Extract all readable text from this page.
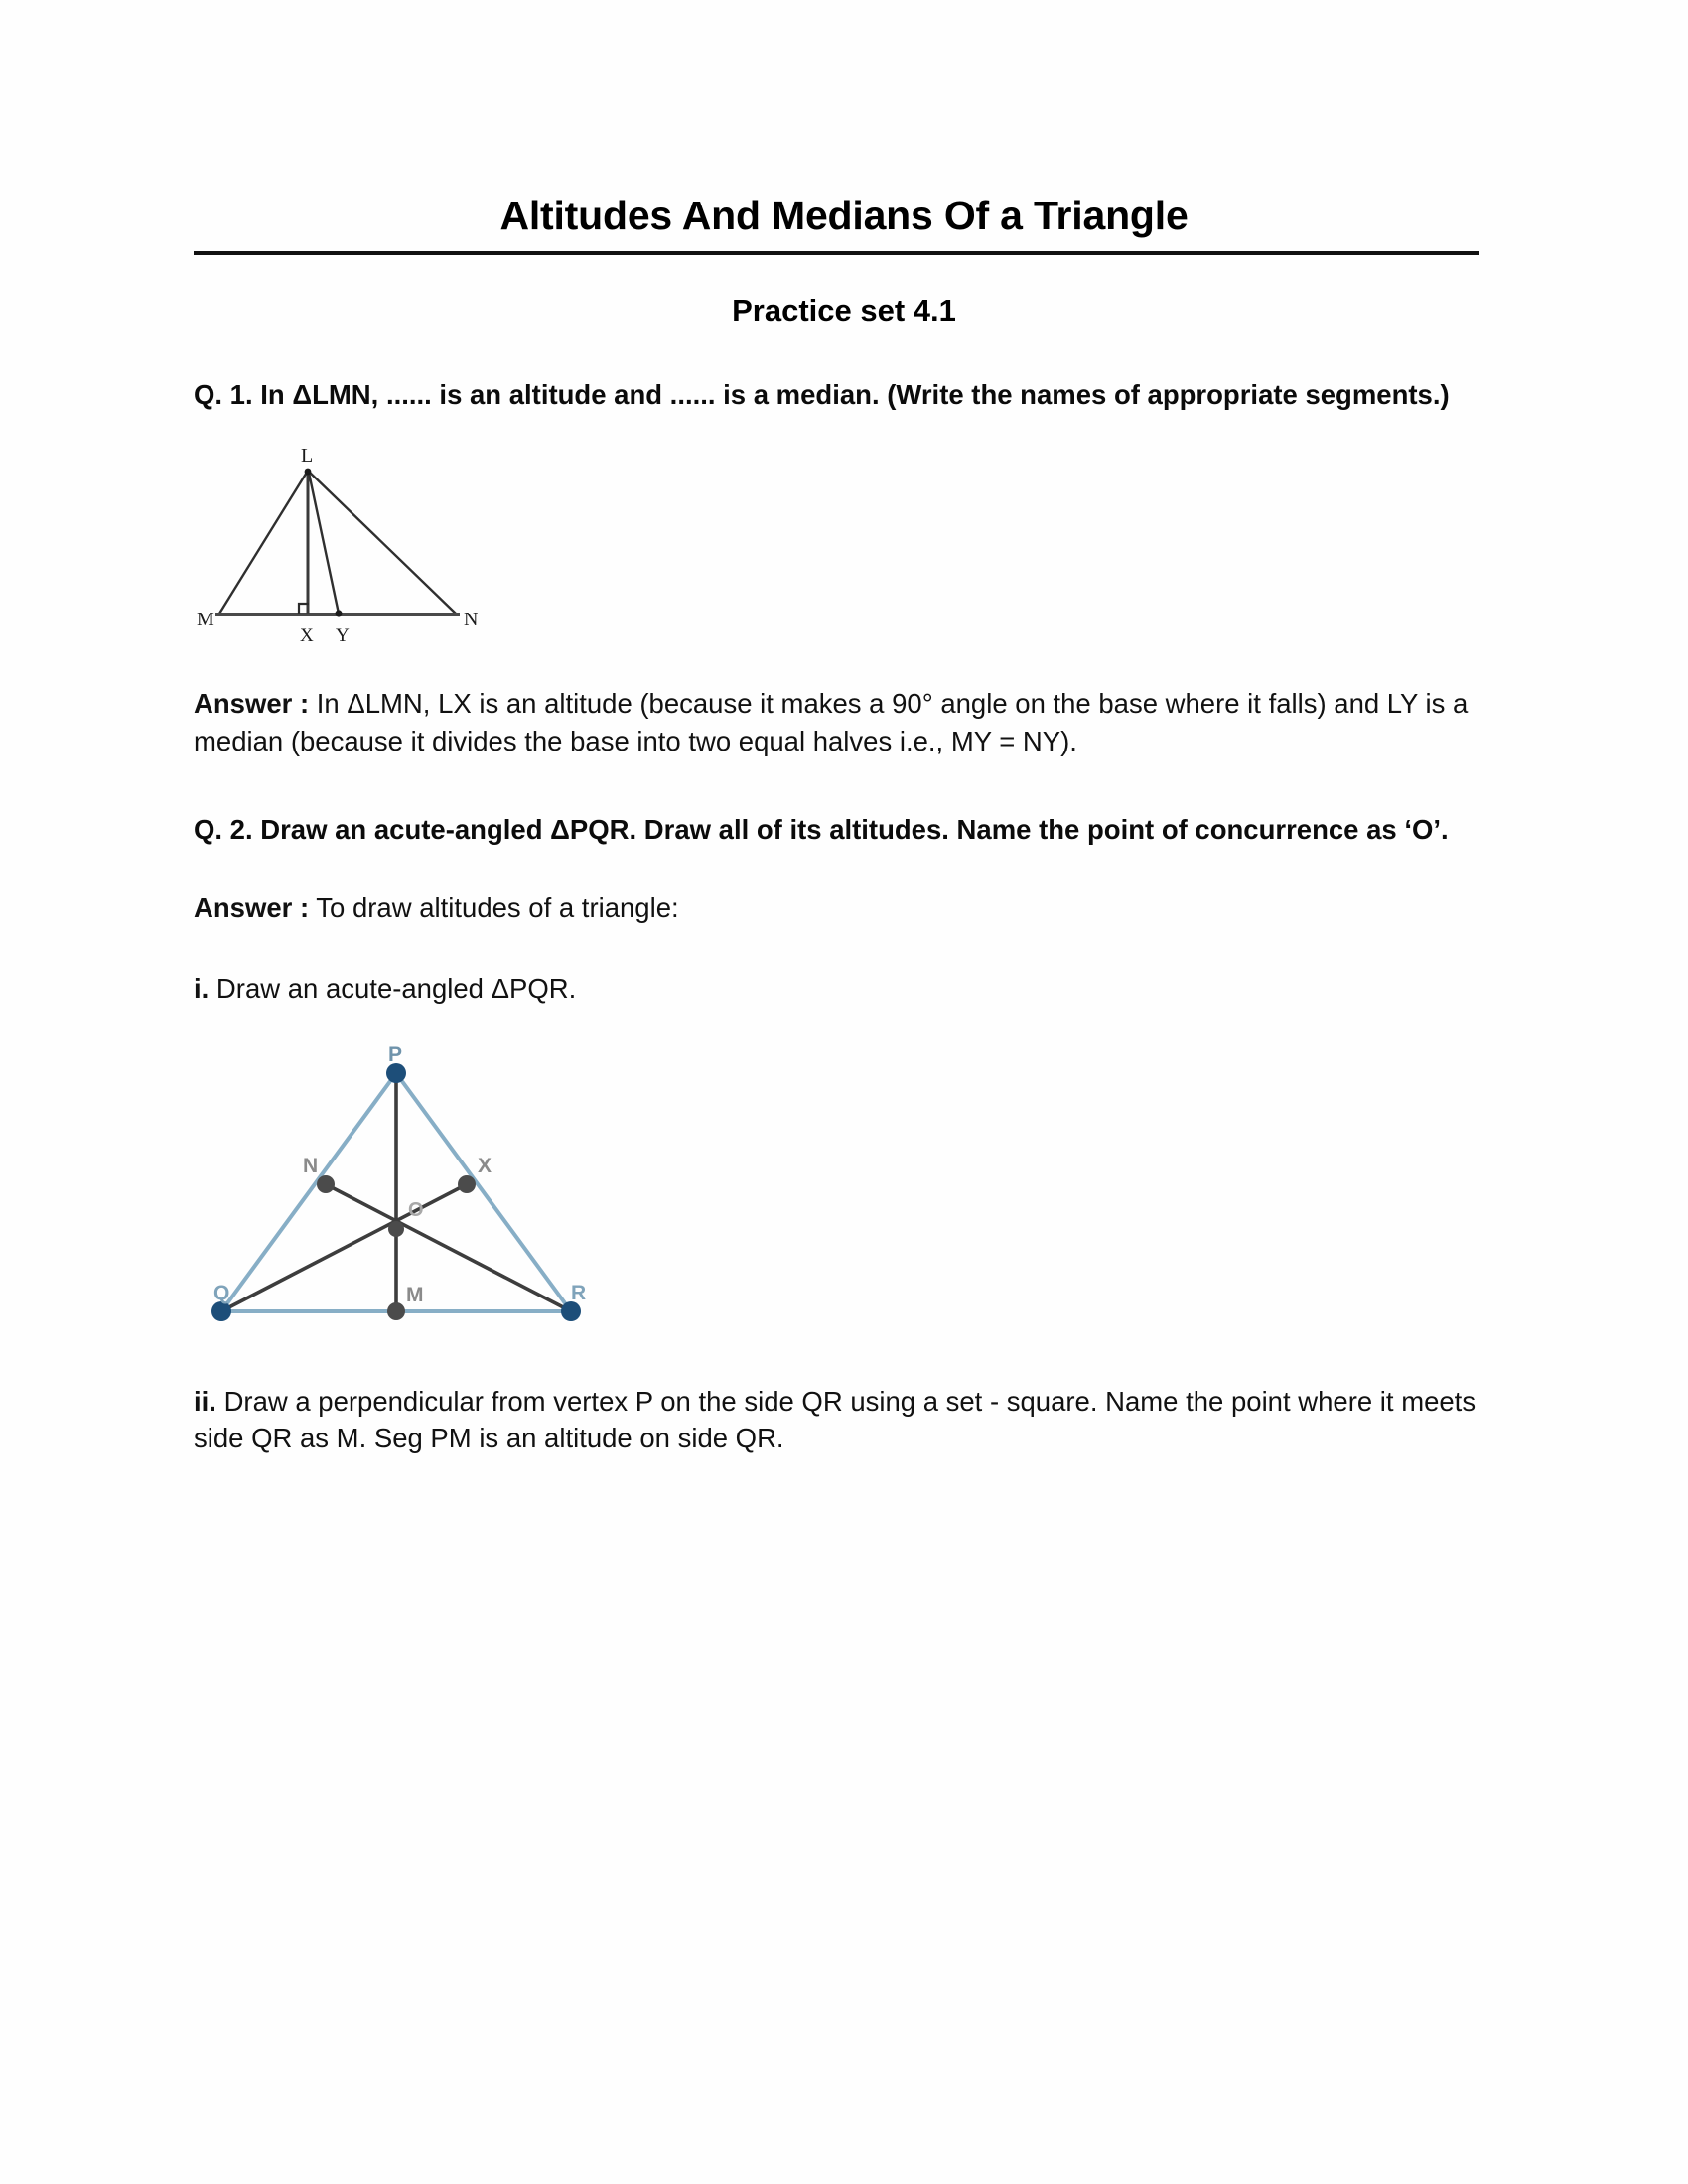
Altitudes And Medians Of a Triangle
Practice set 4.1

Q. 1. In ΔLMN, ...... is an altitude and ...... is a median. (Write the names of appropriate segments.)

L
M	N
X Y

Answer : In ΔLMN, LX is an altitude (because it makes a 90° angle on the base where it falls) and LY is a median (because it divides the base into two equal halves i.e., MY = NY).

Q. 2. Draw an acute-angled ΔPQR. Draw all of its altitudes. Name the point of concurrence as ‘O’.

Answer : To draw altitudes of a triangle:

i. Draw an acute-angled ΔPQR.

P
N	X
O
M
Q	R

ii. Draw a perpendicular from vertex P on the side QR using a set - square. Name the point where it meets side QR as M. Seg PM is an altitude on side QR.
